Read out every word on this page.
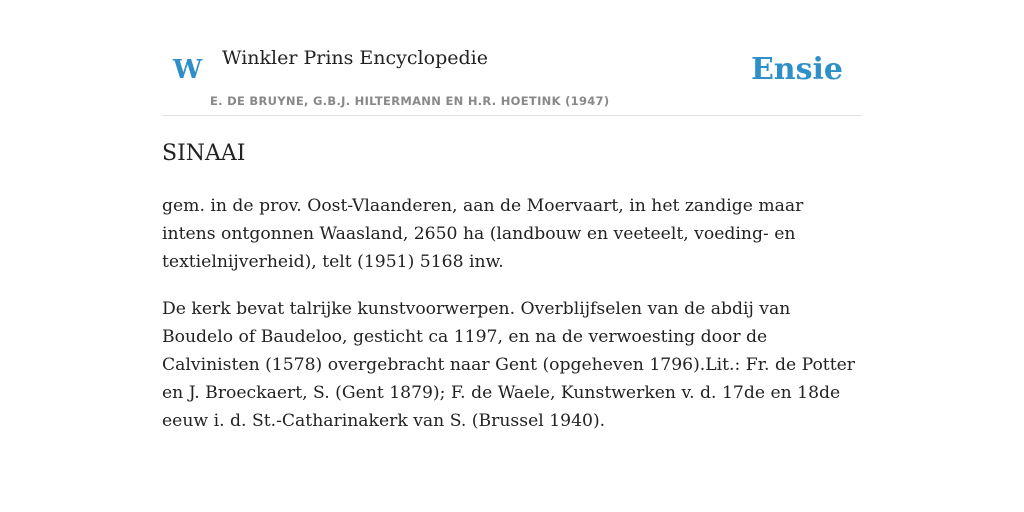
W Winkler Prins Encyclopedie
E. DE BRUYNE, G.B.J. HILTERMANN EN H.R. HOETINK (1947)
Ensie
SINAAI

gem. in de prov. Oost-Vlaanderen, aan de Moervaart, in het zandige maar intens ontgonnen Waasland, 2650 ha (landbouw en veeteelt, voeding- en textielnijverheid), telt (1951) 5168 inw.

De kerk bevat talrijke kunstvoorwerpen. Overblijfselen van de abdij van Boudelo of Baudeloo, gesticht ca 1197, en na de verwoesting door de Calvinisten (1578) overgebracht naar Gent (opgeheven 1796).Lit.: Fr. de Potter en J. Broeckaert, S. (Gent 1879); F. de Waele, Kunstwerken v. d. 17de en 18de eeuw i. d. St.-Catharinakerk van S. (Brussel 1940).
